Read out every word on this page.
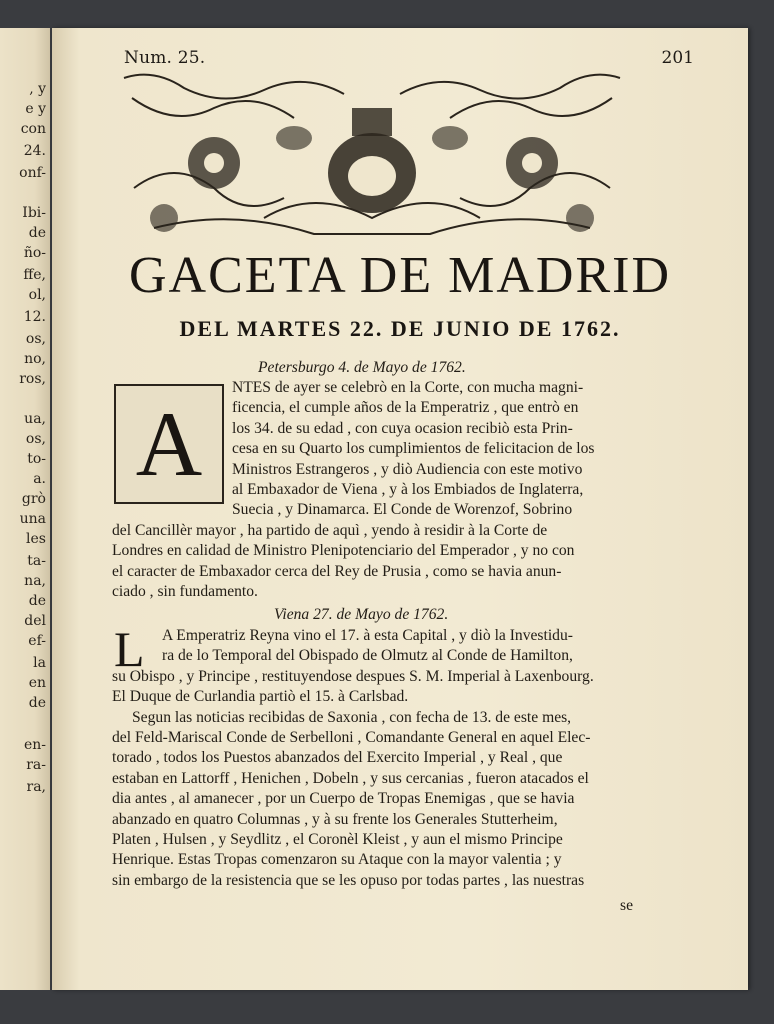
, y
e y
con
24.
onf-
Ibi-
de
ño-
ffe,
ol,
12.
os,
no,
ros,
ua,
os,
to-
a.
grò
una
les
ta-
na,
de
del
ef-
la
en
de
en-
ra-
ra,
Num. 25.	201
GACETA DE MADRID
DEL MARTES 22. DE JUNIO DE 1762.
Petersburgo 4. de Mayo de 1762.
A
NTES de ayer se celebrò en la Corte, con mucha magni-
ficencia, el cumple años de la Emperatriz , que entrò en
los 34. de su edad , con cuya ocasion recibiò esta Prin-
cesa en su Quarto los cumplimientos de felicitacion de los
Ministros Estrangeros , y diò Audiencia con este motivo
al Embaxador de Viena , y à los Embiados de Inglaterra,
Suecia , y Dinamarca. El Conde de Worenzof, Sobrino
del Cancillèr mayor , ha partido de aquì , yendo à residir à la Corte de
Londres en calidad de Ministro Plenipotenciario del Emperador , y no con
el caracter de Embaxador cerca del Rey de Prusia , como se havia anun-
ciado , sin fundamento.
Viena 27. de Mayo de 1762.
L A Emperatriz Reyna vino el 17. à esta Capital , y diò la Investidu-
ra de lo Temporal del Obispado de Olmutz al Conde de Hamilton,
su Obispo , y Principe , restituyendose despues S. M. Imperial à Laxenbourg.
El Duque de Curlandia partiò el 15. à Carlsbad.
Segun las noticias recibidas de Saxonia , con fecha de 13. de este mes,
del Feld-Mariscal Conde de Serbelloni , Comandante General en aquel Elec-
torado , todos los Puestos abanzados del Exercito Imperial , y Real , que
estaban en Lattorff , Henichen , Dobeln , y sus cercanias , fueron atacados el
dia antes , al amanecer , por un Cuerpo de Tropas Enemigas , que se havia
abanzado en quatro Columnas , y à su frente los Generales Stutterheim,
Platen , Hulsen , y Seydlitz , el Coronèl Kleist , y aun el mismo Principe
Henrique. Estas Tropas comenzaron su Ataque con la mayor valentia ; y
sin embargo de la resistencia que se les opuso por todas partes , las nuestras
se
